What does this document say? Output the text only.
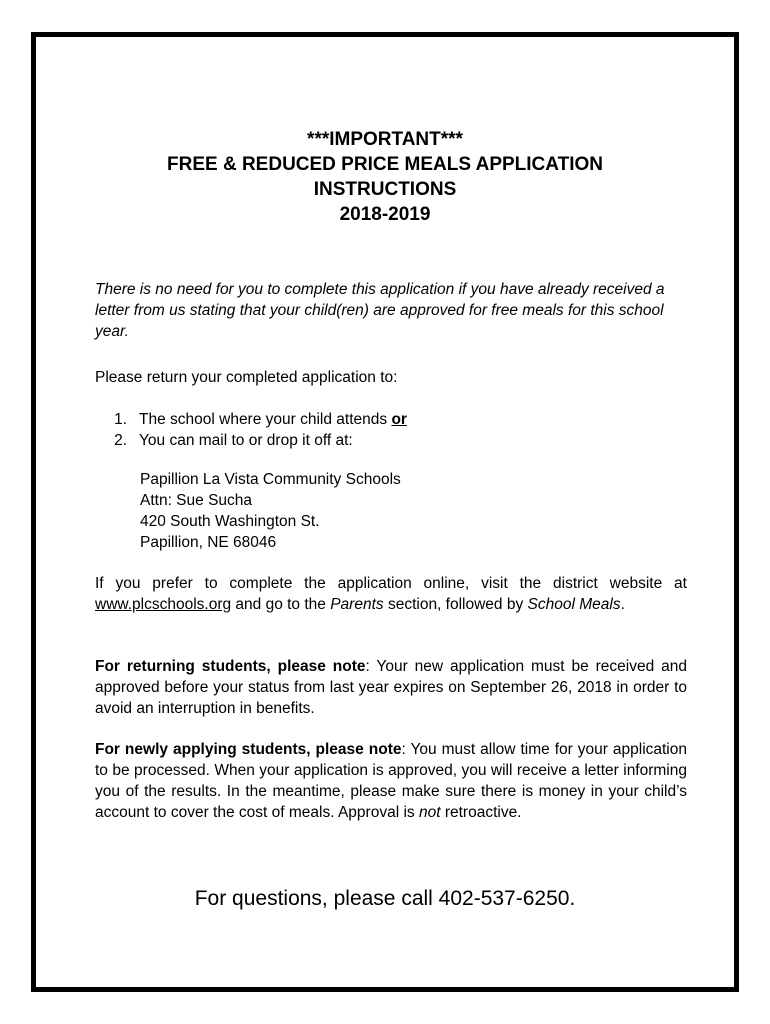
***IMPORTANT***
FREE & REDUCED PRICE MEALS APPLICATION
INSTRUCTIONS
2018-2019

There is no need for you to complete this application if you have already received a letter from us stating that your child(ren) are approved for free meals for this school year.

Please return your completed application to:

1. The school where your child attends or
2. You can mail to or drop it off at:
Papillion La Vista Community Schools
Attn: Sue Sucha
420 South Washington St.
Papillion, NE 68046

If you prefer to complete the application online, visit the district website at www.plcschools.org and go to the Parents section, followed by School Meals.

For returning students, please note: Your new application must be received and approved before your status from last year expires on September 26, 2018 in order to avoid an interruption in benefits.

For newly applying students, please note: You must allow time for your application to be processed. When your application is approved, you will receive a letter informing you of the results. In the meantime, please make sure there is money in your child’s account to cover the cost of meals. Approval is not retroactive.

For questions, please call 402-537-6250.
